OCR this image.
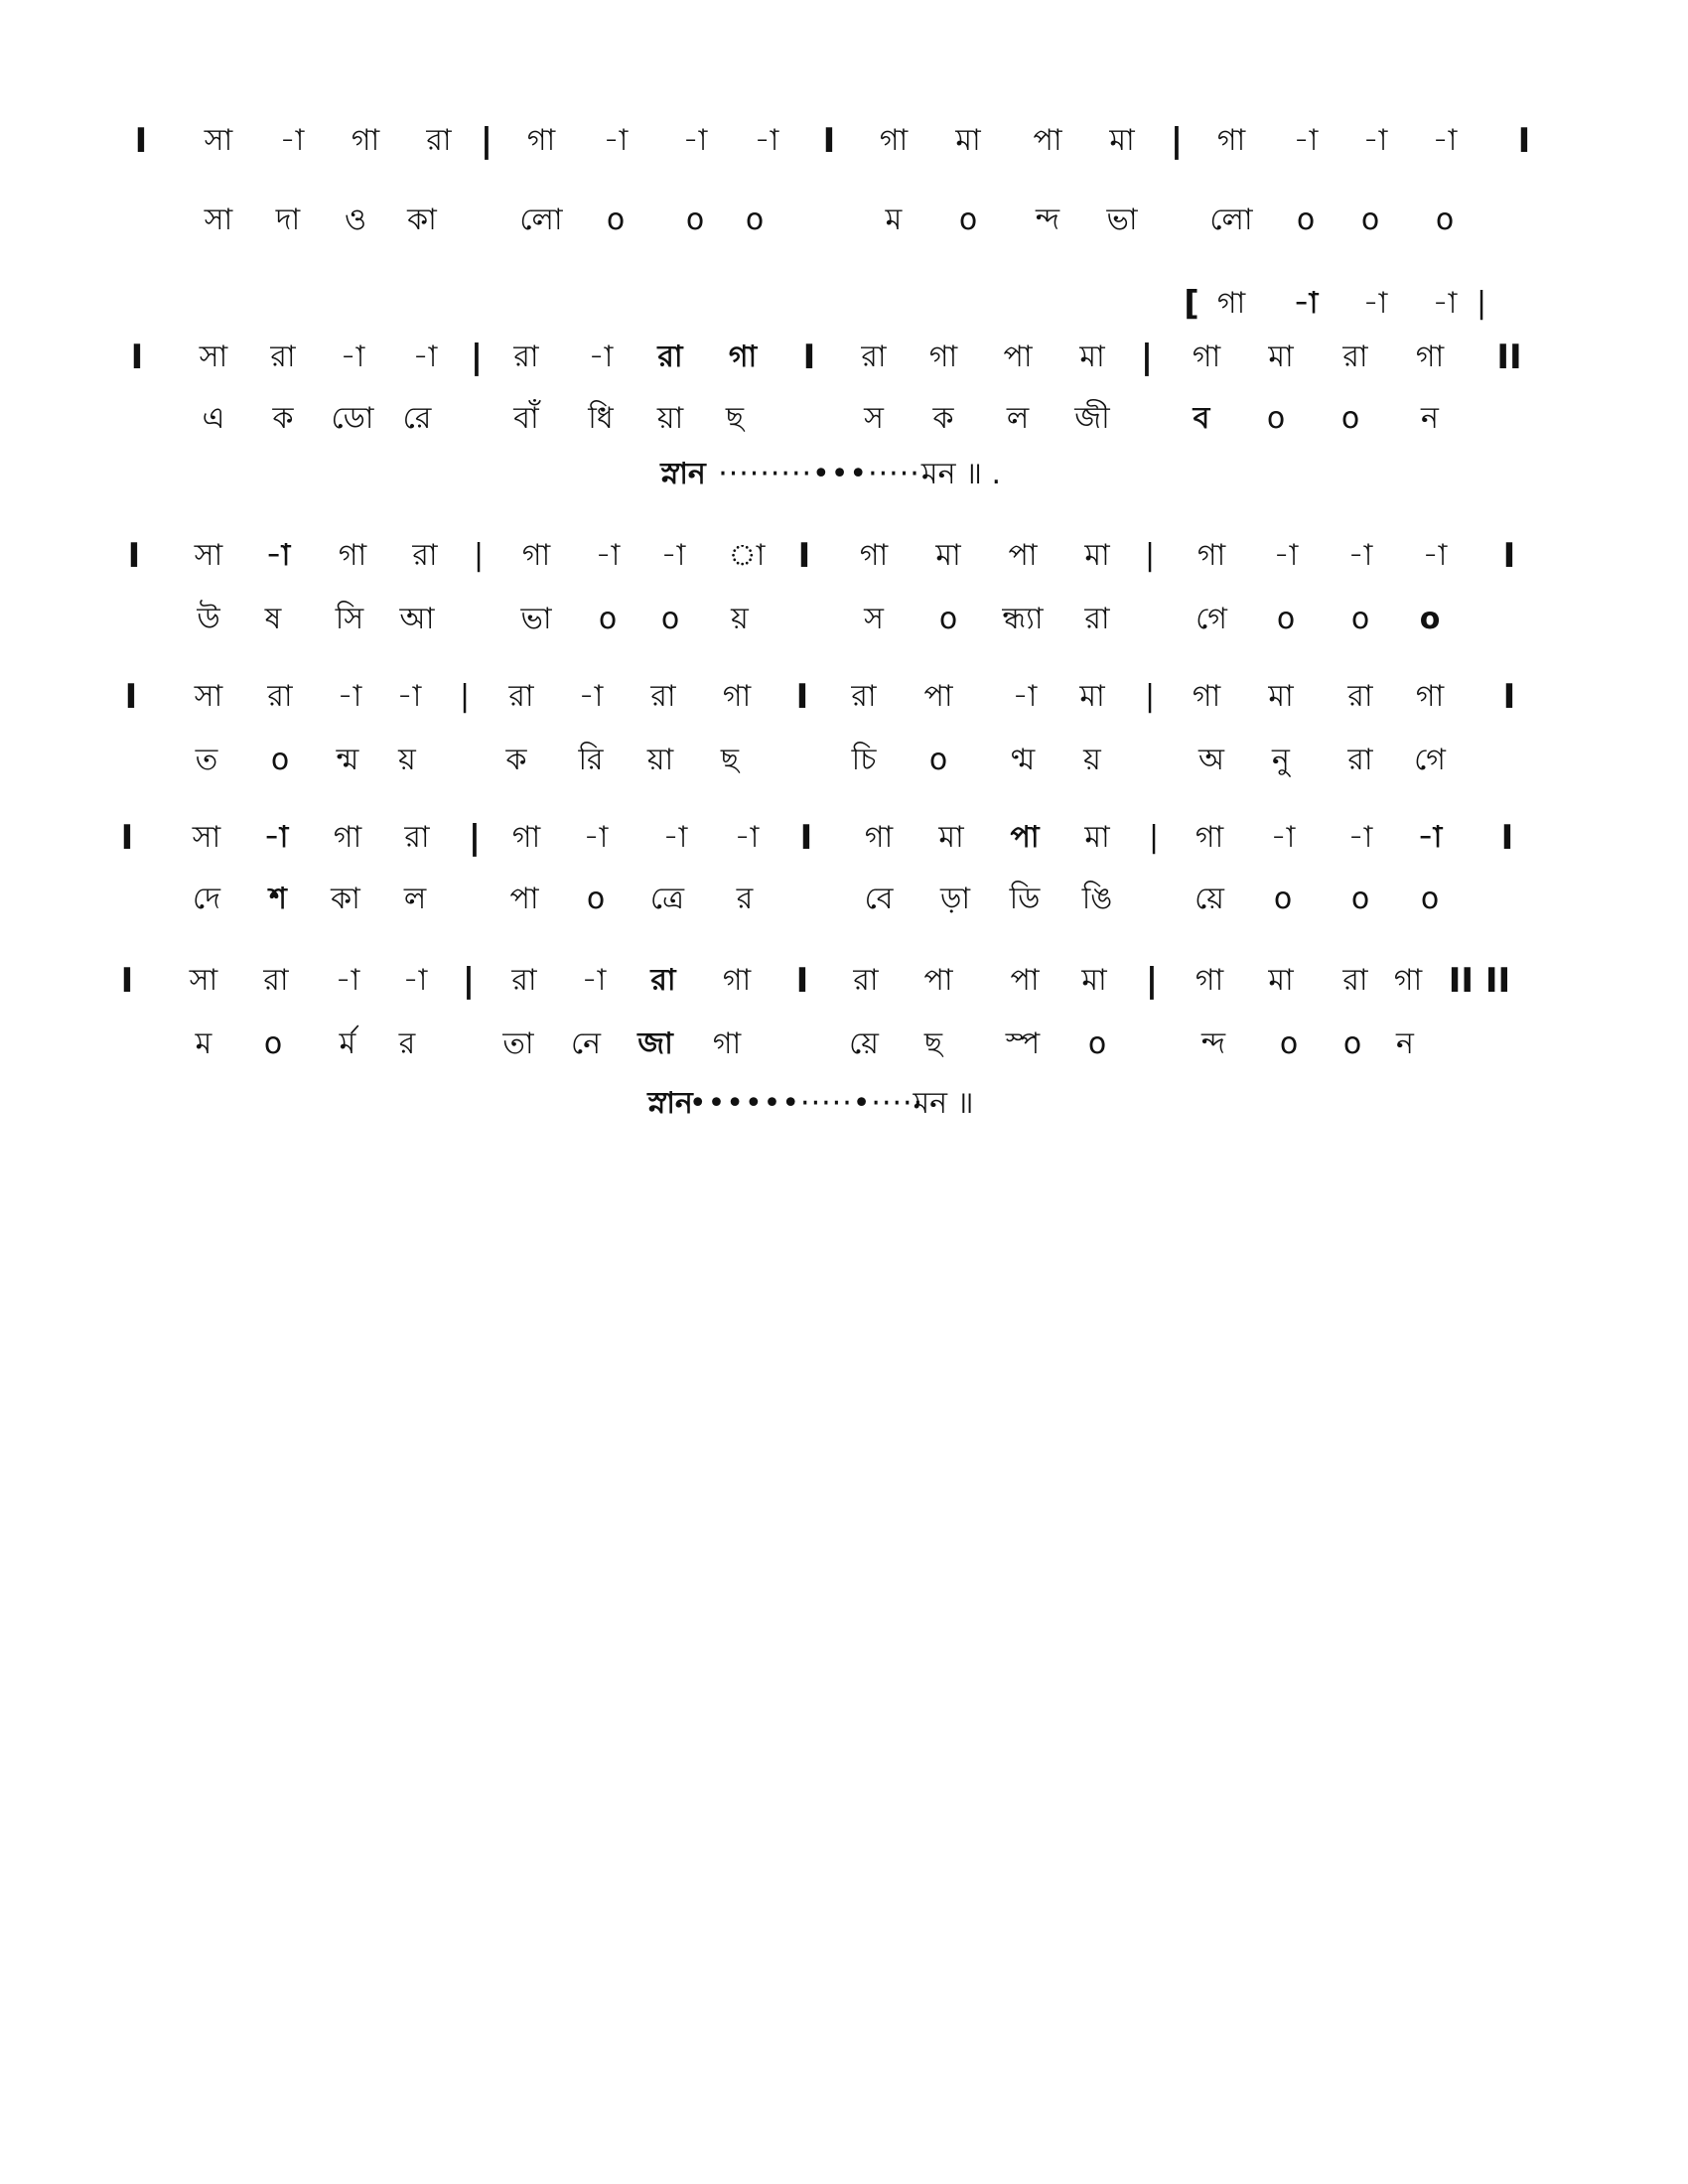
I সা -া গা রা | গা -া -া -া I গা মা পা মা | গা -া -া -া I
সা দা ও কা	লো o o o	ম o ন্দ ভা লো o o o
[ গা -া -া -া |
I সা রা -া -া | রা -া রা গা I রা গা পা মা | গা মা রা গা II
এ ক ডো রে	বাঁ ধি য়া ছ	স ক ল জী	ব o o ন
স্নান ·········•••····· মন ॥ .
I সা -া গা রা | গা -া -া া I গা মা পা মা | গা -া -া -া I
উ ষ সি আ	ভা o o য়	স o ন্ধ্যা রা	গে o o o
I সা রা -া -া | রা -া রা গা I রা পা -া মা | গা মা রা গা I
ত o ন্ম য়	ক রি য়া ছ	চি o ণ্ম য়	অ নু রা গে
I সা -া গা রা | গা -া -া -া I গা মা পা মা | গা -া -া -া I
দে শ কা ল	পা o ত্রে র	বে ড়া ডি ঙি	য়ে o o o
I সা রা -া -া | রা -া রা গা I রা পা পা মা | গা মা রা গা II II
ম o র্ম র	তা নে জা গা	য়ে ছ স্প o	ন্দ o o ন
স্নান
••••••·····•·····
মন ॥
